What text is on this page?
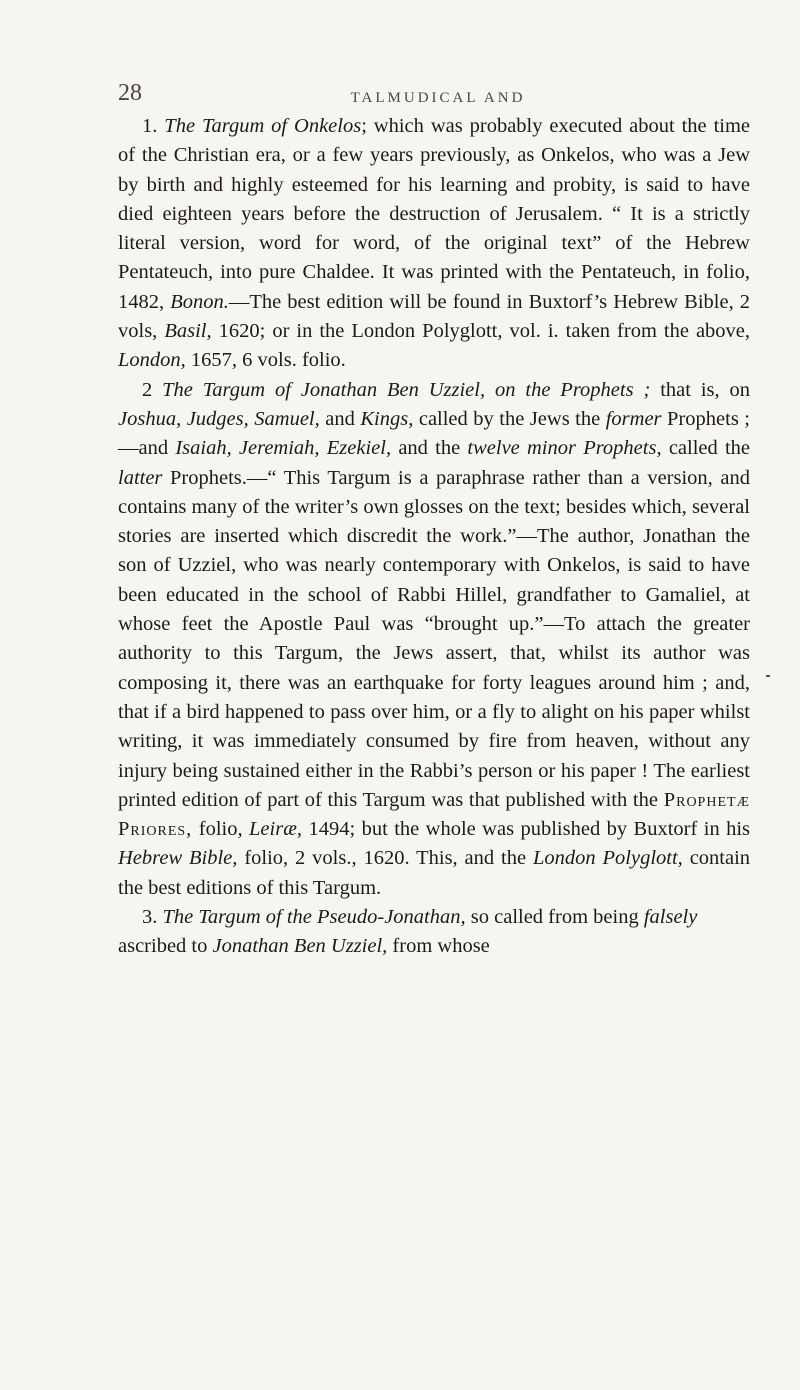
28	TALMUDICAL AND

1. The Targum of Onkelos; which was probably executed about the time of the Christian era, or a few years previously, as Onkelos, who was a Jew by birth and highly esteemed for his learning and probity, is said to have died eighteen years before the destruction of Jerusalem. “ It is a strictly literal version, word for word, of the original text” of the Hebrew Pentateuch, into pure Chaldee. It was printed with the Pentateuch, in folio, 1482, Bonon.—The best edition will be found in Buxtorf’s Hebrew Bible, 2 vols, Basil, 1620; or in the London Polyglott, vol. i. taken from the above, London, 1657, 6 vols. folio.

2 The Targum of Jonathan Ben Uzziel, on the Prophets ; that is, on Joshua, Judges, Samuel, and Kings, called by the Jews the former Prophets ;—and Isaiah, Jeremiah, Ezekiel, and the twelve minor Prophets, called the latter Prophets.—“ This Targum is a paraphrase rather than a version, and contains many of the writer’s own glosses on the text; besides which, several stories are inserted which discredit the work.”—The author, Jonathan the son of Uzziel, who was nearly contemporary with Onkelos, is said to have been educated in the school of Rabbi Hillel, grandfather to Gamaliel, at whose feet the Apostle Paul was “brought up.”—To attach the greater authority to this Targum, the Jews assert, that, whilst its author was composing it, there was an earthquake for forty leagues around him ; and, that if a bird happened to pass over him, or a fly to alight on his paper whilst writing, it was immediately consumed by fire from heaven, without any injury being sustained either in the Rabbi’s person or his paper ! The earliest printed edition of part of this Targum was that published with the Prophetæ Priores, folio, Leiræ, 1494; but the whole was published by Buxtorf in his Hebrew Bible, folio, 2 vols., 1620. This, and the London Polyglott, contain the best editions of this Targum.

3. The Targum of the Pseudo-Jonathan, so called from being falsely ascribed to Jonathan Ben Uzziel, from whose
